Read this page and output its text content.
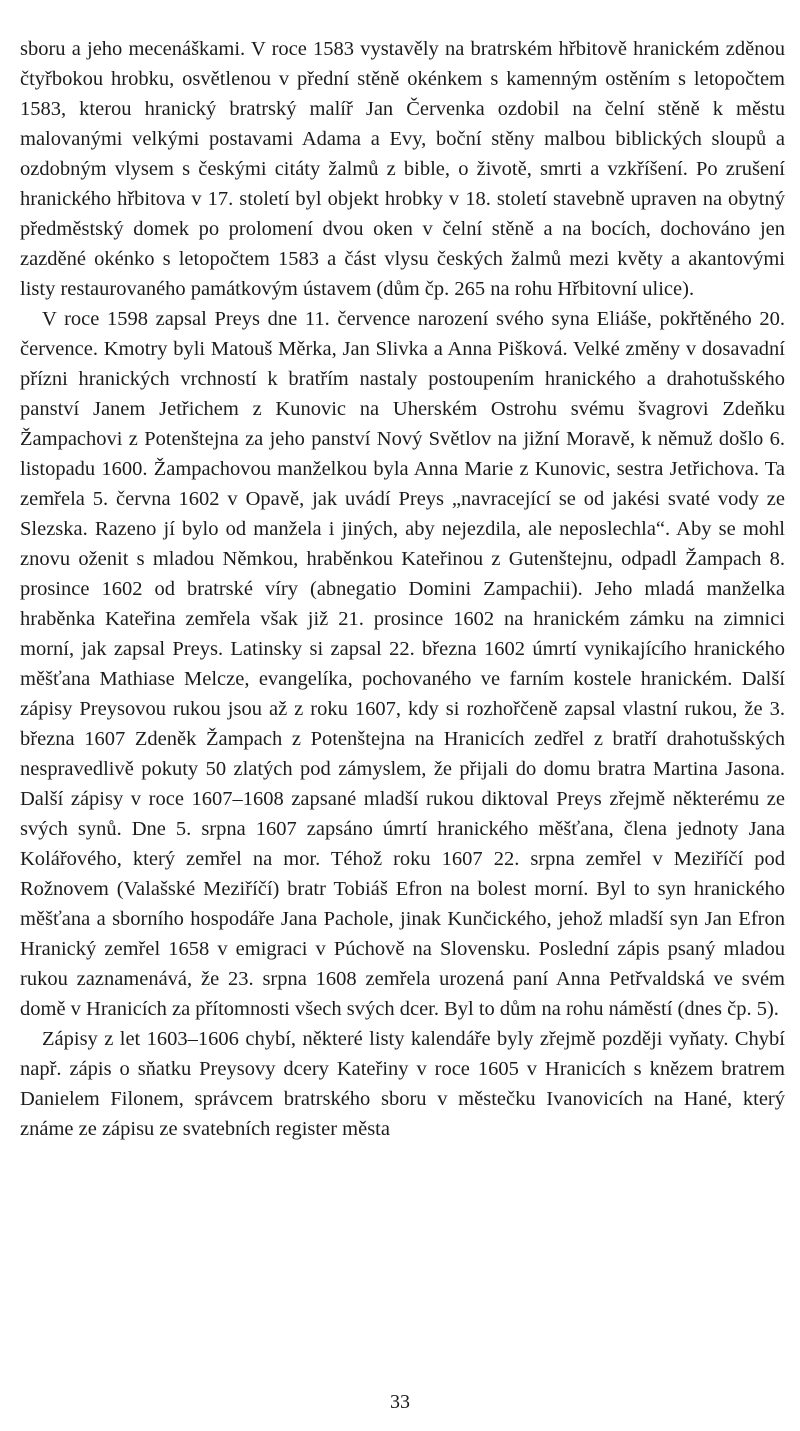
sboru a jeho mecenáškami. V roce 1583 vystavěly na bratrském hřbitově hranickém zděnou čtyřbokou hrobku, osvětlenou v přední stěně okénkem s kamenným ostěním s letopočtem 1583, kterou hranický bratrský malíř Jan Červenka ozdobil na čelní stěně k městu malovanými velkými postavami Adama a Evy, boční stěny malbou biblických sloupů a ozdobným vlysem s českými citáty žalmů z bible, o životě, smrti a vzkříšení. Po zrušení hranického hřbitova v 17. století byl objekt hrobky v 18. století stavebně upraven na obytný předměstský domek po prolomení dvou oken v čelní stěně a na bocích, dochováno jen zazděné okénko s letopočtem 1583 a část vlysu českých žalmů mezi květy a akantovými listy restaurovaného památkovým ústavem (dům čp. 265 na rohu Hřbitovní ulice).

V roce 1598 zapsal Preys dne 11. července narození svého syna Eliáše, pokřtěného 20. července. Kmotry byli Matouš Měrka, Jan Slivka a Anna Pišková. Velké změny v dosavadní přízni hranických vrchností k bratřím nastaly postoupením hranického a drahotušského panství Janem Jetřichem z Kunovic na Uherském Ostrohu svému švagrovi Zdeňku Žampachovi z Potenštejna za jeho panství Nový Světlov na jižní Moravě, k němuž došlo 6. listopadu 1600. Žampachovou manželkou byla Anna Marie z Kunovic, sestra Jetřichova. Ta zemřela 5. června 1602 v Opavě, jak uvádí Preys „navracející se od jakési svaté vody ze Slezska. Razeno jí bylo od manžela i jiných, aby nejezdila, ale neposlechla“. Aby se mohl znovu oženit s mladou Němkou, hraběnkou Kateřinou z Gutenštejnu, odpadl Žampach 8. prosince 1602 od bratrské víry (abnegatio Domini Zampachii). Jeho mladá manželka hraběnka Kateřina zemřela však již 21. prosince 1602 na hranickém zámku na zimnici morní, jak zapsal Preys. Latinsky si zapsal 22. března 1602 úmrtí vynikajícího hranického měšťana Mathiase Melcze, evangelíka, pochovaného ve farním kostele hranickém. Další zápisy Preysovou rukou jsou až z roku 1607, kdy si rozhořčeně zapsal vlastní rukou, že 3. března 1607 Zdeněk Žampach z Potenštejna na Hranicích zedřel z bratří drahotušských nespravedlivě pokuty 50 zlatých pod zámyslem, že přijali do domu bratra Martina Jasona. Další zápisy v roce 1607–1608 zapsané mladší rukou diktoval Preys zřejmě některému ze svých synů. Dne 5. srpna 1607 zapsáno úmrtí hranického měšťana, člena jednoty Jana Kolářového, který zemřel na mor. Téhož roku 1607 22. srpna zemřel v Meziříčí pod Rožnovem (Valašské Meziříčí) bratr Tobiáš Efron na bolest morní. Byl to syn hranického měšťana a sborního hospodáře Jana Pachole, jinak Kunčického, jehož mladší syn Jan Efron Hranický zemřel 1658 v emigraci v Púchově na Slovensku. Poslední zápis psaný mladou rukou zaznamenává, že 23. srpna 1608 zemřela urozená paní Anna Petřvaldská ve svém domě v Hranicích za přítomnosti všech svých dcer. Byl to dům na rohu náměstí (dnes čp. 5).

Zápisy z let 1603–1606 chybí, některé listy kalendáře byly zřejmě později vyňaty. Chybí např. zápis o sňatku Preysovy dcery Kateřiny v roce 1605 v Hranicích s knězem bratrem Danielem Filonem, správcem bratrského sboru v městečku Ivanovicích na Hané, který známe ze zápisu ze svatebních register města

33
